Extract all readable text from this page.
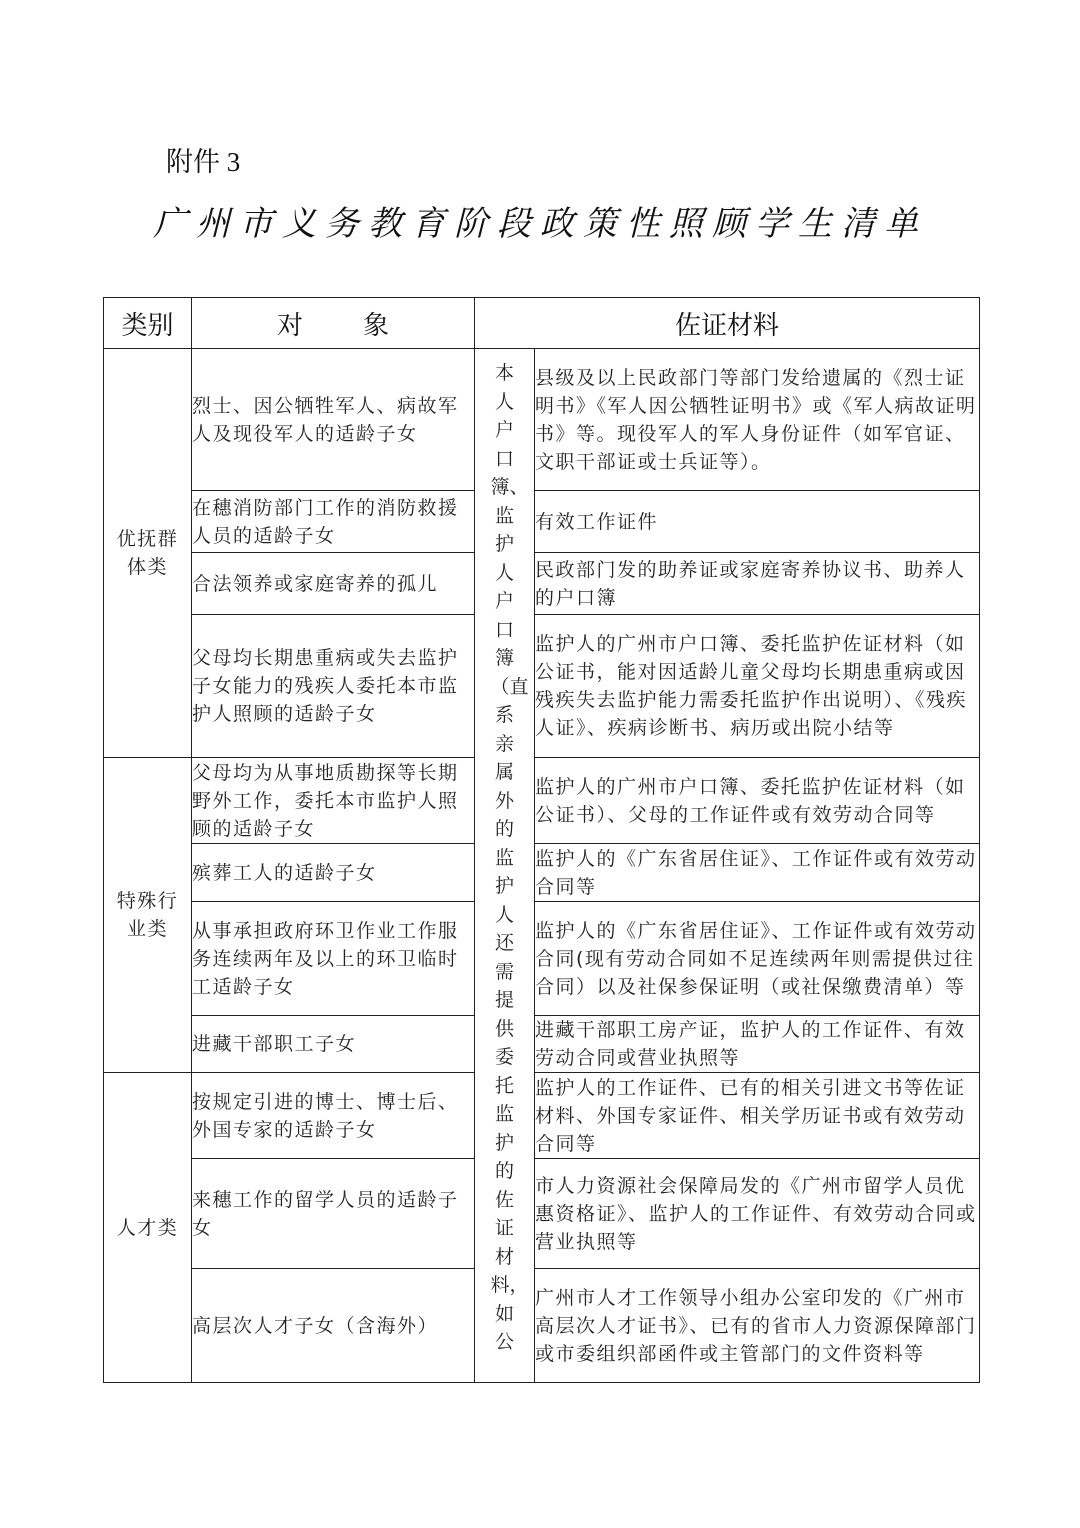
附件 3
广州市义务教育阶段政策性照顾学生清单
类别	对象	佐证材料	
优抚群体类	烈士、因公牺牲军人、病故军人及现役军人的适龄子女	本人户口簿、监护人户口簿（直系亲属外的监护人还需提供委托监护的佐证材料，如公	县级及以上民政部门等部门发给遗属的《烈士证明书》《军人因公牺牲证明书》或《军人病故证明书》等。现役军人的军人身份证件（如军官证、文职干部证或士兵证等）。
	在穗消防部门工作的消防救援人员的适龄子女		有效工作证件
	合法领养或家庭寄养的孤儿		民政部门发的助养证或家庭寄养协议书、助养人的户口簿
	父母均长期患重病或失去监护子女能力的残疾人委托本市监护人照顾的适龄子女		监护人的广州市户口簿、委托监护佐证材料（如公证书，能对因适龄儿童父母均长期患重病或因残疾失去监护能力需委托监护作出说明）、《残疾人证》、疾病诊断书、病历或出院小结等
特殊行业类	父母均为从事地质勘探等长期野外工作，委托本市监护人照顾的适龄子女		监护人的广州市户口簿、委托监护佐证材料（如公证书）、父母的工作证件或有效劳动合同等
	殡葬工人的适龄子女		监护人的《广东省居住证》、工作证件或有效劳动合同等
	从事承担政府环卫作业工作服务连续两年及以上的环卫临时工适龄子女		监护人的《广东省居住证》、工作证件或有效劳动合同(现有劳动合同如不足连续两年则需提供过往合同）以及社保参保证明（或社保缴费清单）等
	进藏干部职工子女		进藏干部职工房产证，监护人的工作证件、有效劳动合同或营业执照等
人才类	按规定引进的博士、博士后、外国专家的适龄子女		监护人的工作证件、已有的相关引进文书等佐证材料、外国专家证件、相关学历证书或有效劳动合同等
	来穗工作的留学人员的适龄子女		市人力资源社会保障局发的《广州市留学人员优惠资格证》、监护人的工作证件、有效劳动合同或营业执照等
	高层次人才子女（含海外）		广州市人才工作领导小组办公室印发的《广州市高层次人才证书》、已有的省市人力资源保障部门或市委组织部函件或主管部门的文件资料等
